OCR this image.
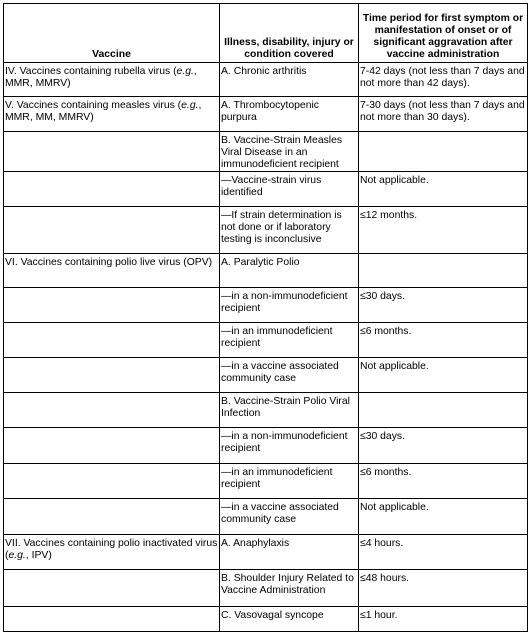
Vaccine	Illness, disability, injury or condition covered	Time period for first symptom or manifestation of onset or of significant aggravation after vaccine administration

IV. Vaccines containing rubella virus (e.g., MMR, MMRV)	A. Chronic arthritis	7-42 days (not less than 7 days and not more than 42 days).

V. Vaccines containing measles virus (e.g., MMR, MM, MMRV)	A. Thrombocytopenic purpura	7-30 days (not less than 7 days and not more than 30 days).

	B. Vaccine-Strain Measles Viral Disease in an immunodeficient recipient	

	—Vaccine-strain virus identified	Not applicable.

	—If strain determination is not done or if laboratory testing is inconclusive	≤12 months.

VI. Vaccines containing polio live virus (OPV)	A. Paralytic Polio	

	—in a non-immunodeficient recipient	≤30 days.

	—in an immunodeficient recipient	≤6 months.

	—in a vaccine associated community case	Not applicable.

	B. Vaccine-Strain Polio Viral Infection	

	—in a non-immunodeficient recipient	≤30 days.

	—in an immunodeficient recipient	≤6 months.

	—in a vaccine associated community case	Not applicable.

VII. Vaccines containing polio inactivated virus (e.g., IPV)	A. Anaphylaxis	≤4 hours.

	B. Shoulder Injury Related to Vaccine Administration	≤48 hours.

	C. Vasovagal syncope	≤1 hour.
